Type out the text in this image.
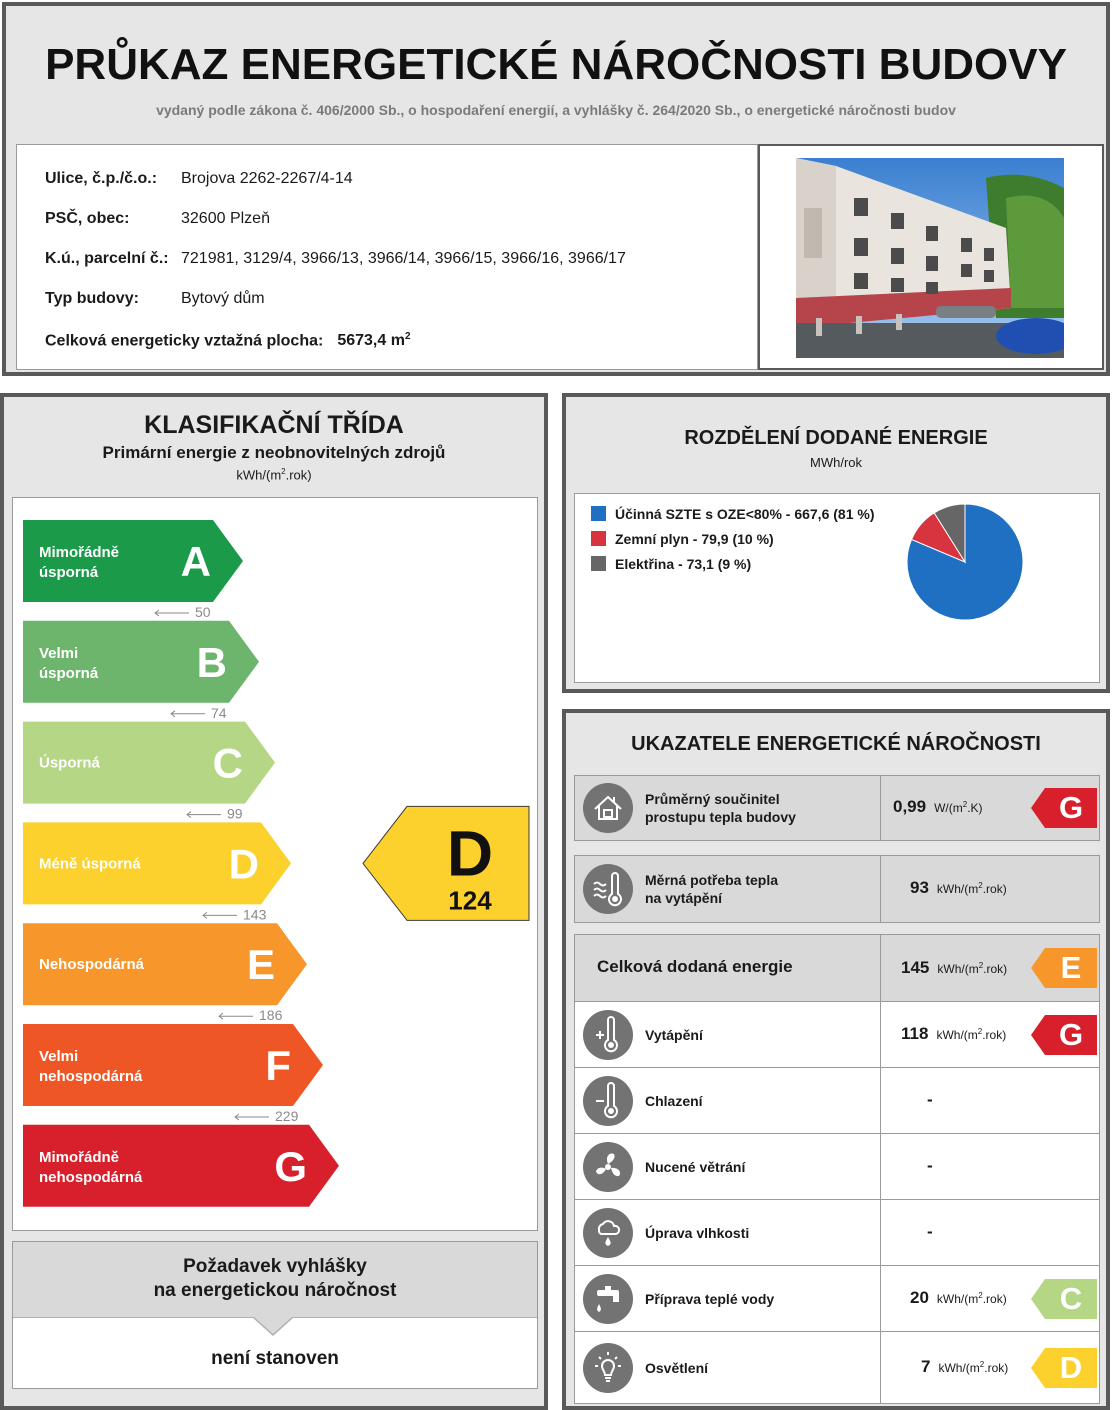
PRŮKAZ ENERGETICKÉ NÁROČNOSTI BUDOVY
vydaný podle zákona č. 406/2000 Sb., o hospodaření energií, a vyhlášky č. 264/2020 Sb., o energetické náročnosti budov
Ulice, č.p./č.o.: Brojova 2262-2267/4-14
PSČ, obec:	32600 Plzeň
K.ú., parcelní č.: 721981, 3129/4, 3966/13, 3966/14, 3966/15, 3966/16, 3966/17
Typ budovy:	Bytový dům
Celková energeticky vztažná plocha: 5673,4 $m^2$
KLASIFIKAČNÍ TŘÍDA
Primární energie z neobnovitelných zdrojů
kWh/$(m^2.rok)$
Mimořádně
úsporná A
50
Velmi
úsporná B
74
Úsporná	C
99
Méně úsporná D
143
Nehospodárná E
186
Velmi
nehospodárná	F
229
Mimořádně
nehospodárná	G
D
124
Požadavek vyhlášky
na energetickou náročnost
není stanoven
ROZDĚLENÍ DODANÉ ENERGIE
MWh/rok
Účinná SZTE s OZE<80% - 667,6 (81 %)
Zemní plyn - 79,9 (10 %)
Elektřina - 73,1 (9 %)
UKAZATELE ENERGETICKÉ NÁROČNOSTI
Průměrný součinitel
prostupu tepla budovy
0,99 $W/(m^2.K)$	G
Měrná potřeba tepla
na vytápění
93 kWh/$(m^2.rok)$
Celková dodaná energie	145 kWh/$(m^2.rok)$	E
Vytápění	118 kWh/$(m^2.rok)$	G
Chlazení	-
Nucené větrání	-
Úprava vlhkosti	-
Příprava teplé vody	20 kWh/$(m^2.rok)$	C
Osvětlení	7 kWh/$(m^2.rok)$	D
